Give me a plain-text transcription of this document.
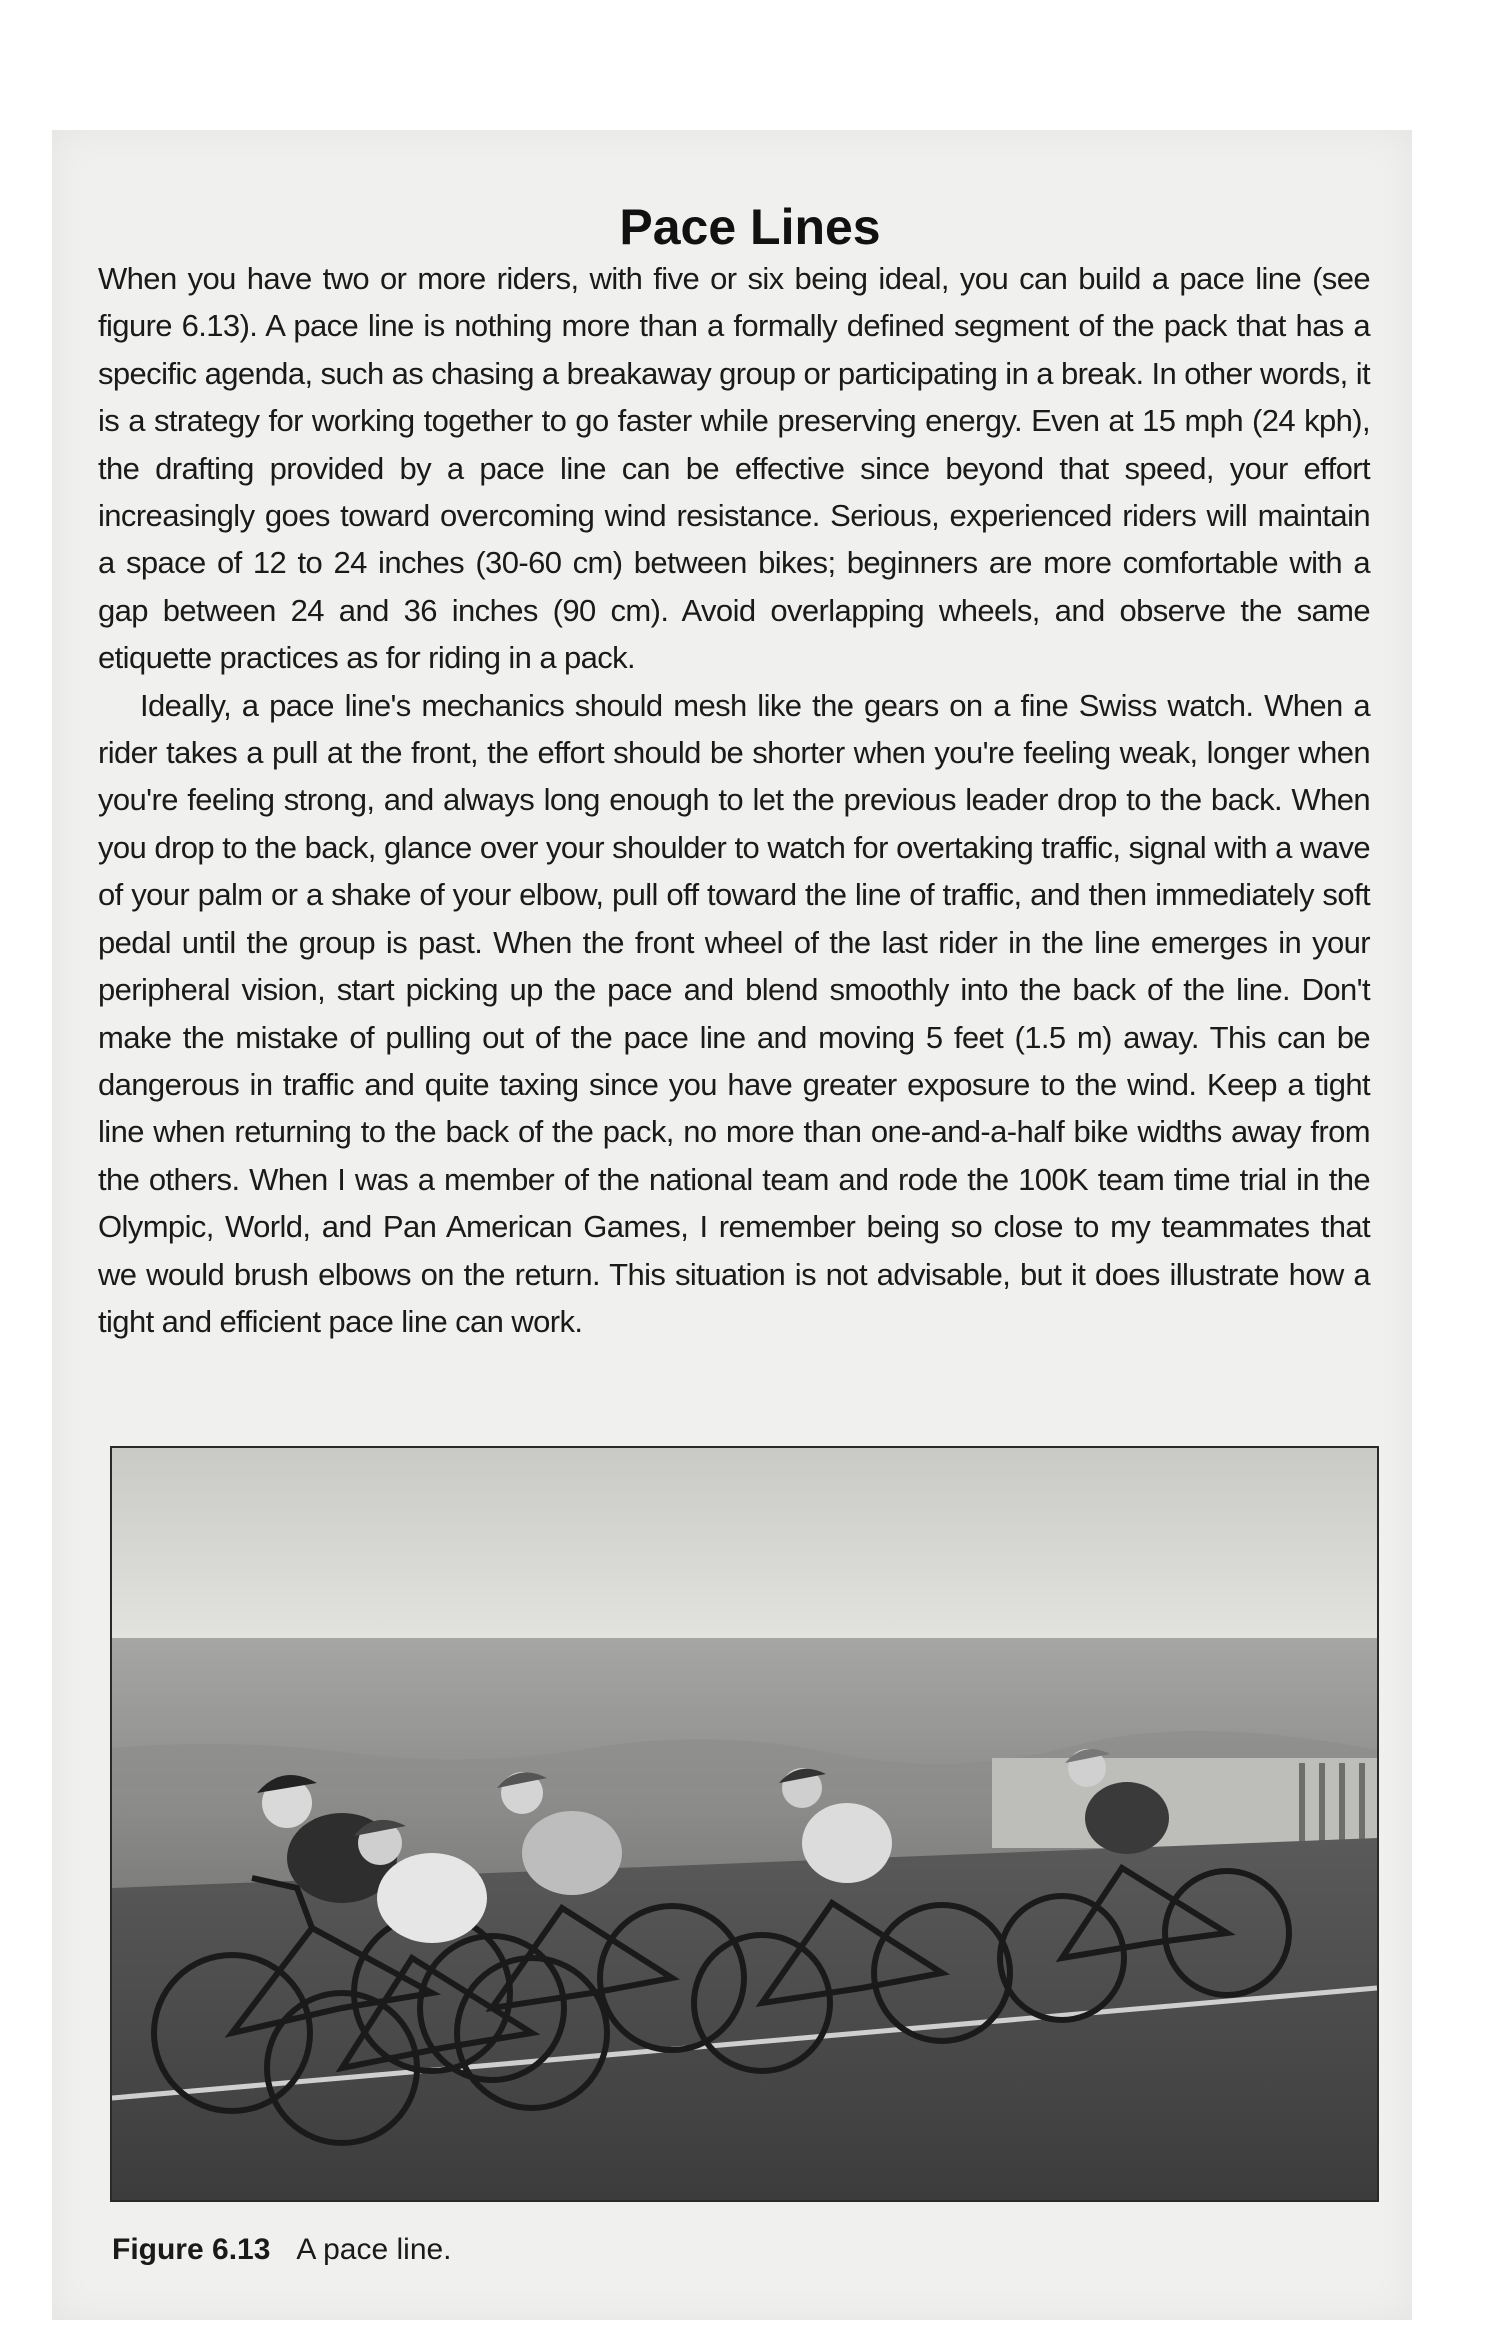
Pace Lines

When you have two or more riders, with five or six being ideal, you can build a pace line (see figure 6.13). A pace line is nothing more than a formally defined segment of the pack that has a specific agenda, such as chasing a breakaway group or participating in a break. In other words, it is a strategy for working together to go faster while preserving energy. Even at 15 mph (24 kph), the drafting provided by a pace line can be effective since beyond that speed, your effort increasingly goes toward overcoming wind resistance. Serious, experienced riders will maintain a space of 12 to 24 inches (30-60 cm) between bikes; beginners are more comfortable with a gap between 24 and 36 inches (90 cm). Avoid overlapping wheels, and observe the same etiquette practices as for riding in a pack.

Ideally, a pace line's mechanics should mesh like the gears on a fine Swiss watch. When a rider takes a pull at the front, the effort should be shorter when you're feeling weak, longer when you're feeling strong, and always long enough to let the previous leader drop to the back. When you drop to the back, glance over your shoulder to watch for overtaking traffic, signal with a wave of your palm or a shake of your elbow, pull off toward the line of traffic, and then immediately soft pedal until the group is past. When the front wheel of the last rider in the line emerges in your peripheral vision, start picking up the pace and blend smoothly into the back of the line. Don't make the mistake of pulling out of the pace line and moving 5 feet (1.5 m) away. This can be dangerous in traffic and quite taxing since you have greater exposure to the wind. Keep a tight line when returning to the back of the pack, no more than one-and-a-half bike widths away from the others. When I was a member of the national team and rode the 100K team time trial in the Olympic, World, and Pan American Games, I remember being so close to my teammates that we would brush elbows on the return. This situation is not advisable, but it does illustrate how a tight and efficient pace line can work.

Figure 6.13 A pace line.
